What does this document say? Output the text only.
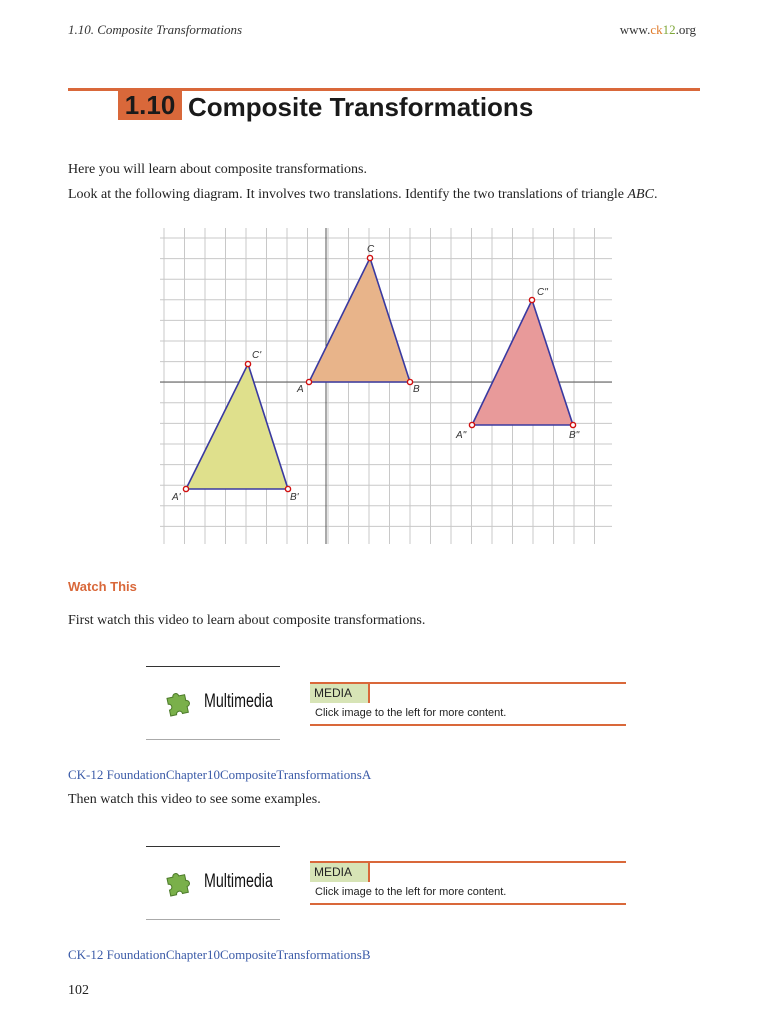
1.10. Composite Transformations	www.ck12.org
1.10 Composite Transformations
Here you will learn about composite transformations.
Look at the following diagram. It involves two translations. Identify the two translations of triangle ABC.
C
A	B
C'
A'	B'
C"
A"	B"
Watch This
First watch this video to learn about composite transformations.
Multimedia	MEDIA
Click image to the left for more content.
CK-12 FoundationChapter10CompositeTransformationsA
Then watch this video to see some examples.
Multimedia	MEDIA
Click image to the left for more content.
CK-12 FoundationChapter10CompositeTransformationsB
102
